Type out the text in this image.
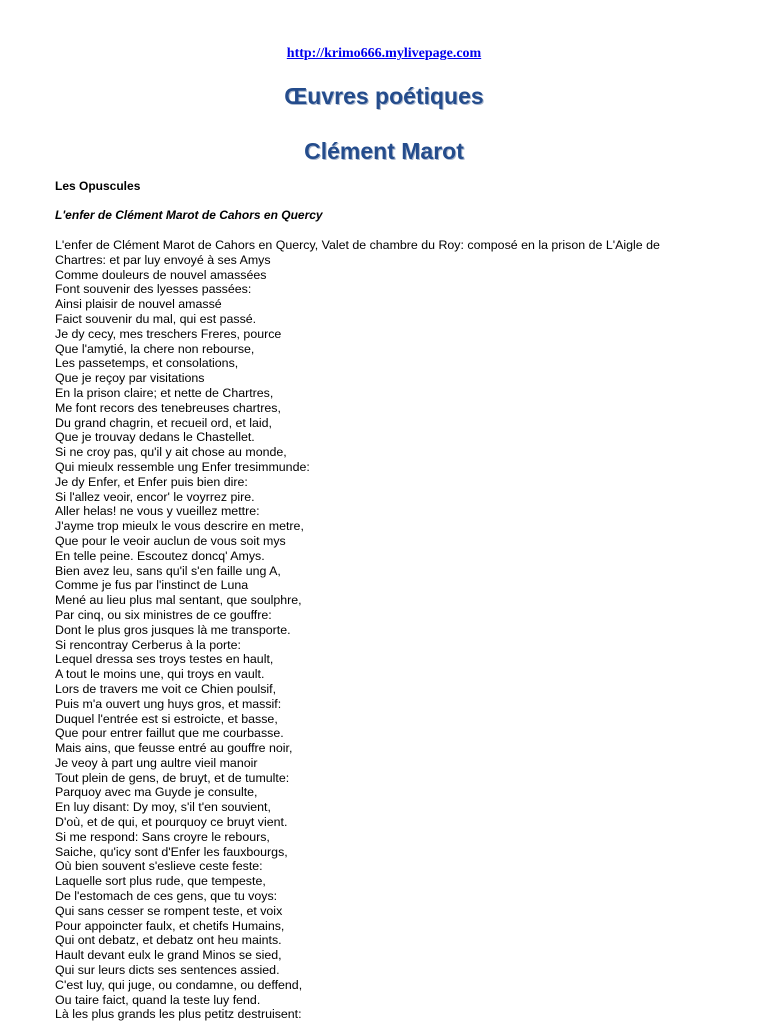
http://krimo666.mylivepage.com
Œuvres poétiques
Clément Marot
Les Opuscules
L'enfer de Clément Marot de Cahors en Quercy
L'enfer de Clément Marot de Cahors en Quercy, Valet de chambre du Roy: composé en la prison de L'Aigle de
Chartres: et par luy envoyé à ses Amys
Comme douleurs de nouvel amassées
Font souvenir des lyesses passées:
Ainsi plaisir de nouvel amassé
Faict souvenir du mal, qui est passé.
Je dy cecy, mes treschers Freres, pource
Que l'amytié, la chere non rebourse,
Les passetemps, et consolations,
Que je reçoy par visitations
En la prison claire; et nette de Chartres,
Me font recors des tenebreuses chartres,
Du grand chagrin, et recueil ord, et laid,
Que je trouvay dedans le Chastellet.
Si ne croy pas, qu'il y ait chose au monde,
Qui mieulx ressemble ung Enfer tresimmunde:
Je dy Enfer, et Enfer puis bien dire:
Si l'allez veoir, encor' le voyrrez pire.
Aller helas! ne vous y vueillez mettre:
J'ayme trop mieulx le vous descrire en metre,
Que pour le veoir auclun de vous soit mys
En telle peine. Escoutez doncq' Amys.
Bien avez leu, sans qu'il s'en faille ung A,
Comme je fus par l'instinct de Luna
Mené au lieu plus mal sentant, que soulphre,
Par cinq, ou six ministres de ce gouffre:
Dont le plus gros jusques là me transporte.
Si rencontray Cerberus à la porte:
Lequel dressa ses troys testes en hault,
A tout le moins une, qui troys en vault.
Lors de travers me voit ce Chien poulsif,
Puis m'a ouvert ung huys gros, et massif:
Duquel l'entrée est si estroicte, et basse,
Que pour entrer faillut que me courbasse.
Mais ains, que feusse entré au gouffre noir,
Je veoy à part ung aultre vieil manoir
Tout plein de gens, de bruyt, et de tumulte:
Parquoy avec ma Guyde je consulte,
En luy disant: Dy moy, s'il t'en souvient,
D'où, et de qui, et pourquoy ce bruyt vient.
Si me respond: Sans croyre le rebours,
Saiche, qu'icy sont d'Enfer les fauxbourgs,
Où bien souvent s'eslieve ceste feste:
Laquelle sort plus rude, que tempeste,
De l'estomach de ces gens, que tu voys:
Qui sans cesser se rompent teste, et voix
Pour appoincter faulx, et chetifs Humains,
Qui ont debatz, et debatz ont heu maints.
Hault devant eulx le grand Minos se sied,
Qui sur leurs dicts ses sentences assied.
C'est luy, qui juge, ou condamne, ou deffend,
Ou taire faict, quand la teste luy fend.
Là les plus grands les plus petitz destruisent:
